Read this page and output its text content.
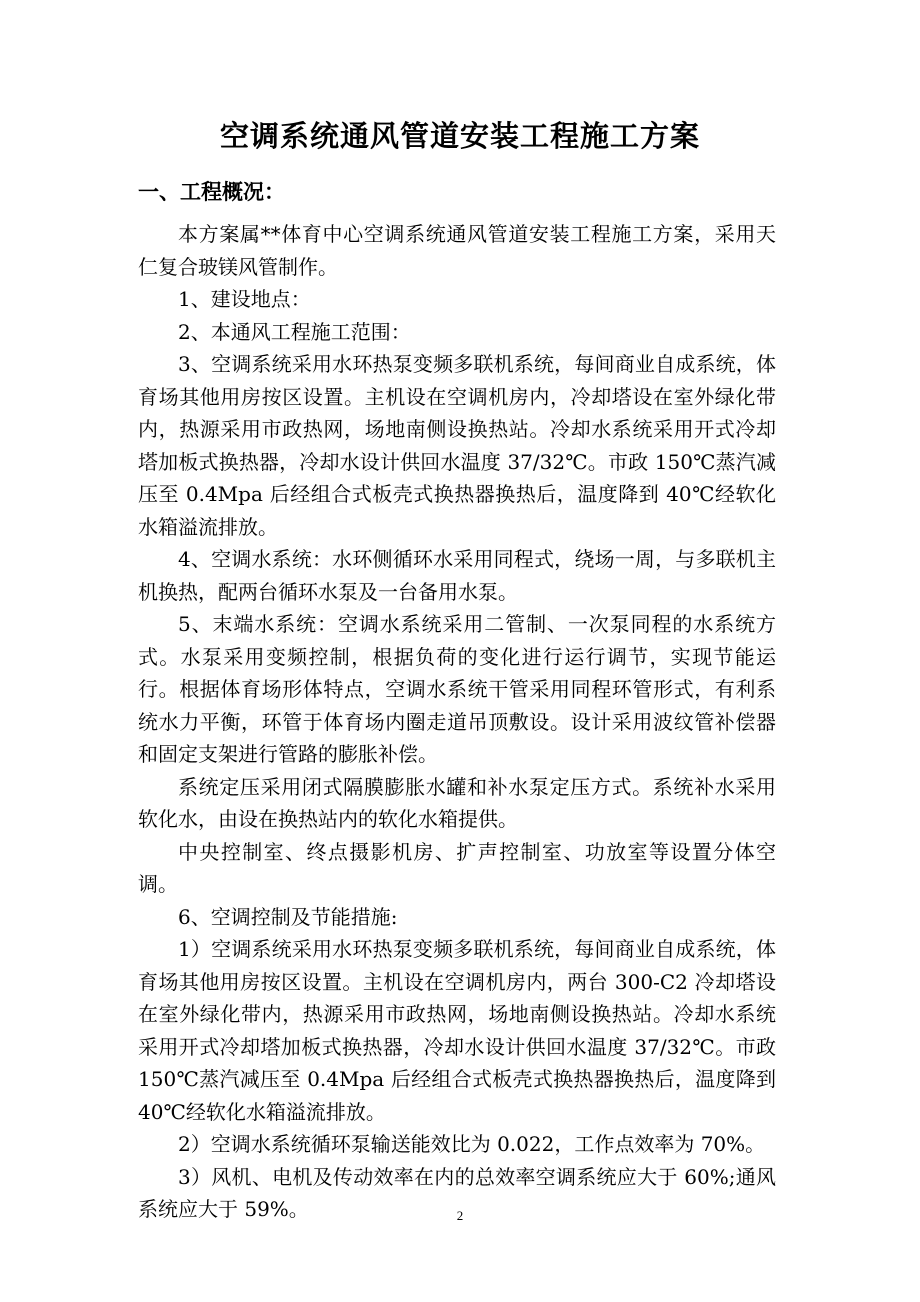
空调系统通风管道安装工程施工方案
一、工程概况：

本方案属**体育中心空调系统通风管道安装工程施工方案，采用天仁复合玻镁风管制作。

1、建设地点：

2、本通风工程施工范围：

3、空调系统采用水环热泵变频多联机系统，每间商业自成系统，体育场其他用房按区设置。主机设在空调机房内，冷却塔设在室外绿化带内，热源采用市政热网，场地南侧设换热站。冷却水系统采用开式冷却塔加板式换热器，冷却水设计供回水温度 37/32℃。市政 150℃蒸汽减压至 0.4Mpa 后经组合式板壳式换热器换热后，温度降到 40℃经软化水箱溢流排放。

4、空调水系统：水环侧循环水采用同程式，绕场一周，与多联机主机换热，配两台循环水泵及一台备用水泵。

5、末端水系统：空调水系统采用二管制、一次泵同程的水系统方式。水泵采用变频控制，根据负荷的变化进行运行调节，实现节能运行。根据体育场形体特点，空调水系统干管采用同程环管形式，有利系统水力平衡，环管于体育场内圈走道吊顶敷设。设计采用波纹管补偿器和固定支架进行管路的膨胀补偿。

系统定压采用闭式隔膜膨胀水罐和补水泵定压方式。系统补水采用软化水，由设在换热站内的软化水箱提供。

中央控制室、终点摄影机房、扩声控制室、功放室等设置分体空调。

6、空调控制及节能措施:

1）空调系统采用水环热泵变频多联机系统，每间商业自成系统，体育场其他用房按区设置。主机设在空调机房内，两台 300-C2 冷却塔设在室外绿化带内，热源采用市政热网，场地南侧设换热站。冷却水系统采用开式冷却塔加板式换热器，冷却水设计供回水温度 37/32℃。市政 150℃蒸汽减压至 0.4Mpa 后经组合式板壳式换热器换热后，温度降到 40℃经软化水箱溢流排放。

2）空调水系统循环泵输送能效比为 0.022，工作点效率为 70%。

3）风机、电机及传动效率在内的总效率空调系统应大于 60%;通风系统应大于 59%。	2
